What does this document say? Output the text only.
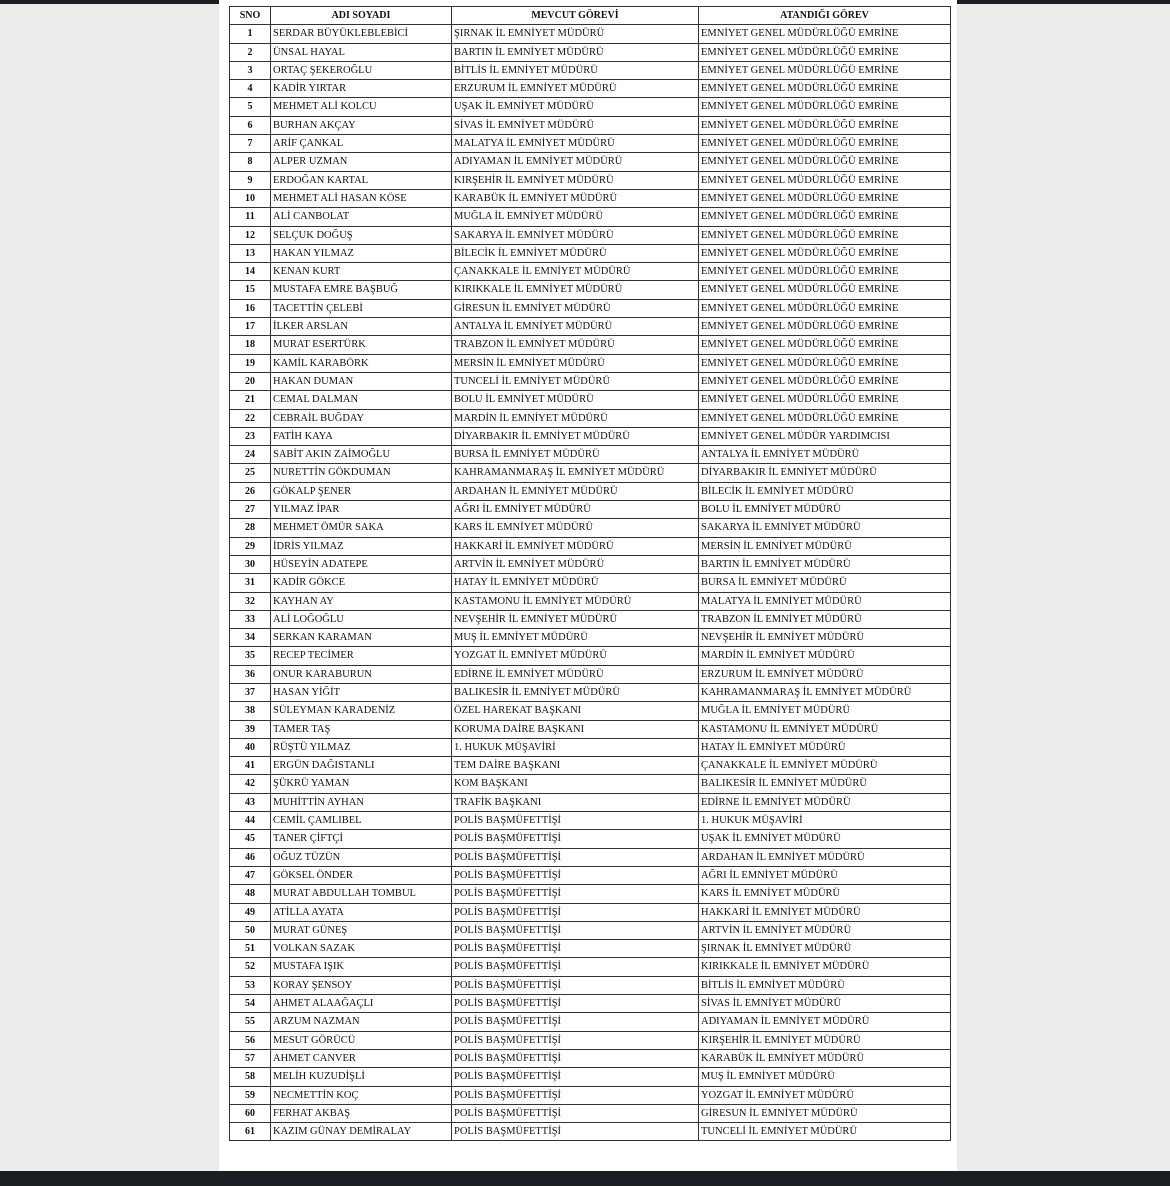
SNO	ADI SOYADI	MEVCUT GÖREVİ	ATANDIĞI GÖREV
1	SERDAR BÜYÜKLEBLEBİCİ	ŞIRNAK İL EMNİYET MÜDÜRÜ	EMNİYET GENEL MÜDÜRLÜĞÜ EMRİNE
2	ÜNSAL HAYAL	BARTIN İL EMNİYET MÜDÜRÜ	EMNİYET GENEL MÜDÜRLÜĞÜ EMRİNE
3	ORTAÇ ŞEKEROĞLU	BİTLİS İL EMNİYET MÜDÜRÜ	EMNİYET GENEL MÜDÜRLÜĞÜ EMRİNE
4	KADİR YIRTAR	ERZURUM İL EMNİYET MÜDÜRÜ	EMNİYET GENEL MÜDÜRLÜĞÜ EMRİNE
5	MEHMET ALİ KOLCU	UŞAK İL EMNİYET MÜDÜRÜ	EMNİYET GENEL MÜDÜRLÜĞÜ EMRİNE
6	BURHAN AKÇAY	SİVAS İL EMNİYET MÜDÜRÜ	EMNİYET GENEL MÜDÜRLÜĞÜ EMRİNE
7	ARİF ÇANKAL	MALATYA İL EMNİYET MÜDÜRÜ	EMNİYET GENEL MÜDÜRLÜĞÜ EMRİNE
8	ALPER UZMAN	ADIYAMAN İL EMNİYET MÜDÜRÜ	EMNİYET GENEL MÜDÜRLÜĞÜ EMRİNE
9	ERDOĞAN KARTAL	KIRŞEHİR İL EMNİYET MÜDÜRÜ	EMNİYET GENEL MÜDÜRLÜĞÜ EMRİNE
10	MEHMET ALİ HASAN KÖSE	KARABÜK İL EMNİYET MÜDÜRÜ	EMNİYET GENEL MÜDÜRLÜĞÜ EMRİNE
11	ALİ CANBOLAT	MUĞLA İL EMNİYET MÜDÜRÜ	EMNİYET GENEL MÜDÜRLÜĞÜ EMRİNE
12	SELÇUK DOĞUŞ	SAKARYA İL EMNİYET MÜDÜRÜ	EMNİYET GENEL MÜDÜRLÜĞÜ EMRİNE
13	HAKAN YILMAZ	BİLECİK İL EMNİYET MÜDÜRÜ	EMNİYET GENEL MÜDÜRLÜĞÜ EMRİNE
14	KENAN KURT	ÇANAKKALE İL EMNİYET MÜDÜRÜ	EMNİYET GENEL MÜDÜRLÜĞÜ EMRİNE
15	MUSTAFA EMRE BAŞBUĞ	KIRIKKALE İL EMNİYET MÜDÜRÜ	EMNİYET GENEL MÜDÜRLÜĞÜ EMRİNE
16	TACETTİN ÇELEBİ	GİRESUN İL EMNİYET MÜDÜRÜ	EMNİYET GENEL MÜDÜRLÜĞÜ EMRİNE
17	İLKER ARSLAN	ANTALYA İL EMNİYET MÜDÜRÜ	EMNİYET GENEL MÜDÜRLÜĞÜ EMRİNE
18	MURAT ESERTÜRK	TRABZON İL EMNİYET MÜDÜRÜ	EMNİYET GENEL MÜDÜRLÜĞÜ EMRİNE
19	KAMİL KARABÖRK	MERSİN İL EMNİYET MÜDÜRÜ	EMNİYET GENEL MÜDÜRLÜĞÜ EMRİNE
20	HAKAN DUMAN	TUNCELİ İL EMNİYET MÜDÜRÜ	EMNİYET GENEL MÜDÜRLÜĞÜ EMRİNE
21	CEMAL DALMAN	BOLU İL EMNİYET MÜDÜRÜ	EMNİYET GENEL MÜDÜRLÜĞÜ EMRİNE
22	CEBRAİL BUĞDAY	MARDİN İL EMNİYET MÜDÜRÜ	EMNİYET GENEL MÜDÜRLÜĞÜ EMRİNE
23	FATİH KAYA	DİYARBAKIR İL EMNİYET MÜDÜRÜ	EMNİYET GENEL MÜDÜR YARDIMCISI
24	SABİT AKIN ZAİMOĞLU	BURSA İL EMNİYET MÜDÜRÜ	ANTALYA İL EMNİYET MÜDÜRÜ
25	NURETTİN GÖKDUMAN	KAHRAMANMARAŞ İL EMNİYET MÜDÜRÜ	DİYARBAKIR İL EMNİYET MÜDÜRÜ
26	GÖKALP ŞENER	ARDAHAN İL EMNİYET MÜDÜRÜ	BİLECİK İL EMNİYET MÜDÜRÜ
27	YILMAZ İPAR	AĞRI İL EMNİYET MÜDÜRÜ	BOLU İL EMNİYET MÜDÜRÜ
28	MEHMET ÖMÜR SAKA	KARS İL EMNİYET MÜDÜRÜ	SAKARYA İL EMNİYET MÜDÜRÜ
29	İDRİS YILMAZ	HAKKARİ İL EMNİYET MÜDÜRÜ	MERSİN İL EMNİYET MÜDÜRÜ
30	HÜSEYİN ADATEPE	ARTVİN İL EMNİYET MÜDÜRÜ	BARTIN İL EMNİYET MÜDÜRÜ
31	KADİR GÖKCE	HATAY İL EMNİYET MÜDÜRÜ	BURSA İL EMNİYET MÜDÜRÜ
32	KAYHAN AY	KASTAMONU İL EMNİYET MÜDÜRÜ	MALATYA İL EMNİYET MÜDÜRÜ
33	ALİ LOĞOĞLU	NEVŞEHİR İL EMNİYET MÜDÜRÜ	TRABZON İL EMNİYET MÜDÜRÜ
34	SERKAN KARAMAN	MUŞ İL EMNİYET MÜDÜRÜ	NEVŞEHİR İL EMNİYET MÜDÜRÜ
35	RECEP TECİMER	YOZGAT İL EMNİYET MÜDÜRÜ	MARDİN İL EMNİYET MÜDÜRÜ
36	ONUR KARABURUN	EDİRNE İL EMNİYET MÜDÜRÜ	ERZURUM İL EMNİYET MÜDÜRÜ
37	HASAN YİĞİT	BALIKESİR İL EMNİYET MÜDÜRÜ	KAHRAMANMARAŞ İL EMNİYET MÜDÜRÜ
38	SÜLEYMAN KARADENİZ	ÖZEL HAREKAT BAŞKANI	MUĞLA İL EMNİYET MÜDÜRÜ
39	TAMER TAŞ	KORUMA DAİRE BAŞKANI	KASTAMONU İL EMNİYET MÜDÜRÜ
40	RÜŞTÜ YILMAZ	1. HUKUK MÜŞAVİRİ	HATAY İL EMNİYET MÜDÜRÜ
41	ERGÜN DAĞISTANLI	TEM DAİRE BAŞKANI	ÇANAKKALE İL EMNİYET MÜDÜRÜ
42	ŞÜKRÜ YAMAN	KOM BAŞKANI	BALIKESİR İL EMNİYET MÜDÜRÜ
43	MUHİTTİN AYHAN	TRAFİK BAŞKANI	EDİRNE İL EMNİYET MÜDÜRÜ
44	CEMİL ÇAMLIBEL	POLİS BAŞMÜFETTİŞİ	1. HUKUK MÜŞAVİRİ
45	TANER ÇİFTÇİ	POLİS BAŞMÜFETTİŞİ	UŞAK İL EMNİYET MÜDÜRÜ
46	OĞUZ TÜZÜN	POLİS BAŞMÜFETTİŞİ	ARDAHAN İL EMNİYET MÜDÜRÜ
47	GÖKSEL ÖNDER	POLİS BAŞMÜFETTİŞİ	AĞRI İL EMNİYET MÜDÜRÜ
48	MURAT ABDULLAH TOMBUL	POLİS BAŞMÜFETTİŞİ	KARS İL EMNİYET MÜDÜRÜ
49	ATİLLA AYATA	POLİS BAŞMÜFETTİŞİ	HAKKARİ İL EMNİYET MÜDÜRÜ
50	MURAT GÜNEŞ	POLİS BAŞMÜFETTİŞİ	ARTVİN İL EMNİYET MÜDÜRÜ
51	VOLKAN SAZAK	POLİS BAŞMÜFETTİŞİ	ŞIRNAK İL EMNİYET MÜDÜRÜ
52	MUSTAFA IŞIK	POLİS BAŞMÜFETTİŞİ	KIRIKKALE İL EMNİYET MÜDÜRÜ
53	KORAY ŞENSOY	POLİS BAŞMÜFETTİŞİ	BİTLİS İL EMNİYET MÜDÜRÜ
54	AHMET ALAAĞAÇLI	POLİS BAŞMÜFETTİŞİ	SİVAS İL EMNİYET MÜDÜRÜ
55	ARZUM NAZMAN	POLİS BAŞMÜFETTİŞİ	ADIYAMAN İL EMNİYET MÜDÜRÜ
56	MESUT GÖRÜCÜ	POLİS BAŞMÜFETTİŞİ	KIRŞEHİR İL EMNİYET MÜDÜRÜ
57	AHMET CANVER	POLİS BAŞMÜFETTİŞİ	KARABÜK İL EMNİYET MÜDÜRÜ
58	MELİH KUZUDİŞLİ	POLİS BAŞMÜFETTİŞİ	MUŞ İL EMNİYET MÜDÜRÜ
59	NECMETTİN KOÇ	POLİS BAŞMÜFETTİŞİ	YOZGAT İL EMNİYET MÜDÜRÜ
60	FERHAT AKBAŞ	POLİS BAŞMÜFETTİŞİ	GİRESUN İL EMNİYET MÜDÜRÜ
61	KAZIM GÜNAY DEMİRALAY	POLİS BAŞMÜFETTİŞİ	TUNCELİ İL EMNİYET MÜDÜRÜ
